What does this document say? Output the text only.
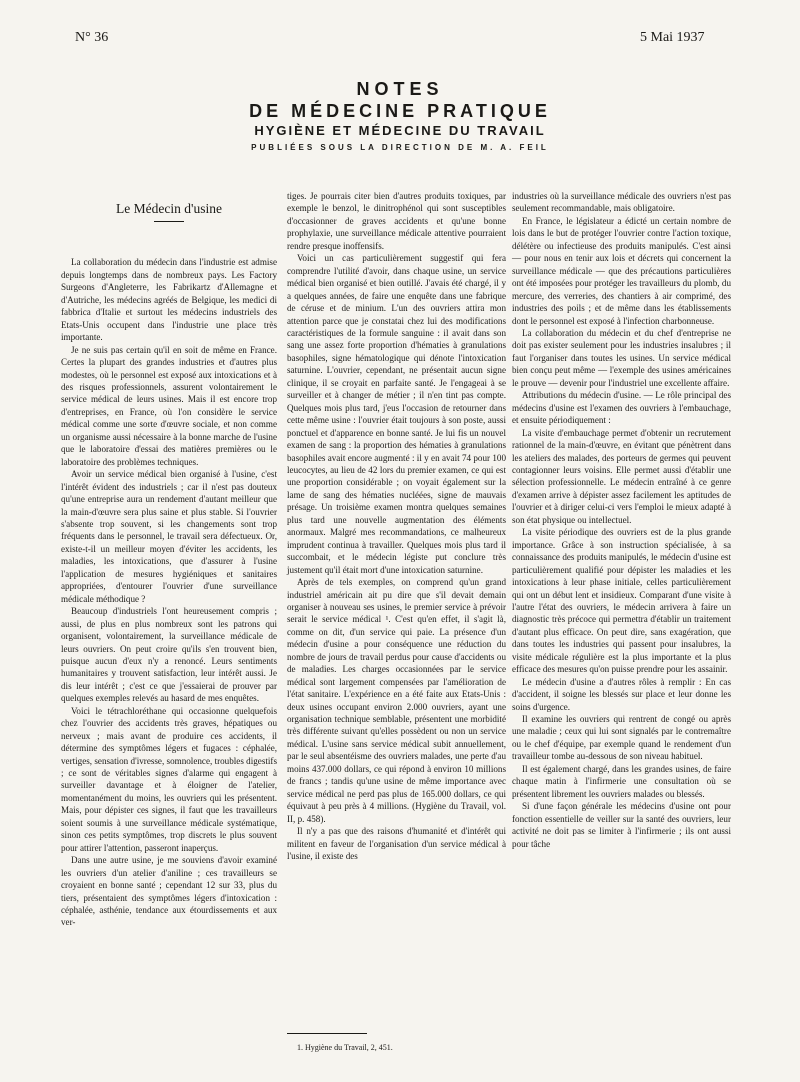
N° 36	5 Mai 1937
NOTES
DE MÉDECINE PRATIQUE
HYGIÈNE ET MÉDECINE DU TRAVAIL
PUBLIÉES SOUS LA DIRECTION DE M. A. FEIL

Le Médecin d'usine

La collaboration du médecin dans l'industrie est admise depuis longtemps dans de nombreux pays. Les Factory Surgeons d'Angleterre, les Fabrikartz d'Allemagne et d'Autriche, les médecins agréés de Belgique, les medici di fabbrica d'Italie et surtout les médecins industriels des Etats-Unis occupent dans l'industrie une place très importante.

Je ne suis pas certain qu'il en soit de même en France. Certes la plupart des grandes industries et d'autres plus modestes, où le personnel est exposé aux intoxications et à des risques professionnels, assurent volontairement le service médical de leurs usines. Mais il est encore trop d'entreprises, en France, où l'on considère le service médical comme une sorte d'œuvre sociale, et non comme un organisme aussi nécessaire à la bonne marche de l'usine que le laboratoire d'essai des matières premières ou le laboratoire des problèmes techniques.

Avoir un service médical bien organisé à l'usine, c'est l'intérêt évident des industriels ; car il n'est pas douteux qu'une entreprise aura un rendement d'autant meilleur que la main-d'œuvre sera plus saine et plus stable. Si l'ouvrier s'absente trop souvent, si les changements sont trop fréquents dans le personnel, le travail sera défectueux. Or, existe-t-il un meilleur moyen d'éviter les accidents, les maladies, les intoxications, que d'assurer à l'usine l'application de mesures hygiéniques et sanitaires appropriées, d'entourer l'ouvrier d'une surveillance médicale méthodique ?

Beaucoup d'industriels l'ont heureusement compris ; aussi, de plus en plus nombreux sont les patrons qui organisent, volontairement, la surveillance médicale de leurs ouvriers. On peut croire qu'ils s'en trouvent bien, puisque aucun d'eux n'y a renoncé. Leurs sentiments humanitaires y trouvent satisfaction, leur intérêt aussi. Je dis leur intérêt ; c'est ce que j'essaierai de prouver par quelques exemples relevés au hasard de mes enquêtes.

Voici le tétrachloréthane qui occasionne quelquefois chez l'ouvrier des accidents très graves, hépatiques ou nerveux ; mais avant de produire ces accidents, il détermine des symptômes légers et fugaces : céphalée, vertiges, sensation d'ivresse, somnolence, troubles digestifs ; ce sont de véritables signes d'alarme qui engagent à surveiller davantage et à éloigner de l'atelier, momentanément du moins, les ouvriers qui les présentent. Mais, pour dépister ces signes, il faut que les travailleurs soient soumis à une surveillance médicale systématique, sinon ces petits symptômes, trop discrets le plus souvent pour attirer l'attention, passeront inaperçus.

Dans une autre usine, je me souviens d'avoir examiné les ouvriers d'un atelier d'aniline ; ces travailleurs se croyaient en bonne santé ; cependant 12 sur 33, plus du tiers, présentaient des symptômes légers d'intoxication : céphalée, asthénie, tendance aux étourdissements et aux ver-

tiges. Je pourrais citer bien d'autres produits toxiques, par exemple le benzol, le dinitrophénol qui sont susceptibles d'occasionner de graves accidents et qu'une bonne prophylaxie, une surveillance médicale attentive pourraient rendre presque inoffensifs.

Voici un cas particulièrement suggestif qui fera comprendre l'utilité d'avoir, dans chaque usine, un service médical bien organisé et bien outillé. J'avais été chargé, il y a quelques années, de faire une enquête dans une fabrique de céruse et de minium. L'un des ouvriers attira mon attention parce que je constatai chez lui des modifications caractéristiques de la formule sanguine : il avait dans son sang une assez forte proportion d'hématies à granulations basophiles, signe hématologique qui dénote l'intoxication saturnine. L'ouvrier, cependant, ne présentait aucun signe clinique, il se croyait en parfaite santé. Je l'engageai à se surveiller et à changer de métier ; il n'en tint pas compte. Quelques mois plus tard, j'eus l'occasion de retourner dans cette même usine : l'ouvrier était toujours à son poste, aussi ponctuel et d'apparence en bonne santé. Je lui fis un nouvel examen de sang : la proportion des hématies à granulations basophiles avait encore augmenté : il y en avait 74 pour 100 leucocytes, au lieu de 42 lors du premier examen, ce qui est une proportion considérable ; on voyait également sur la lame de sang des hématies nucléées, signe de mauvais présage. Un troisième examen montra quelques semaines plus tard une nouvelle augmentation des éléments anormaux. Malgré mes recommandations, ce malheureux imprudent continua à travailler. Quelques mois plus tard il succombait, et le médecin légiste put conclure très justement qu'il était mort d'une intoxication saturnine.

Après de tels exemples, on comprend qu'un grand industriel américain ait pu dire que s'il devait demain organiser à nouveau ses usines, le premier service à prévoir serait le service médical ¹. C'est qu'en effet, il s'agit là, comme on dit, d'un service qui paie. La présence d'un médecin d'usine a pour conséquence une réduction du nombre de jours de travail perdus pour cause d'accidents ou de maladies. Les charges occasionnées par le service médical sont largement compensées par l'amélioration de l'état sanitaire. L'expérience en a été faite aux Etats-Unis : deux usines occupant environ 2.000 ouvriers, ayant une organisation technique semblable, présentent une morbidité très différente suivant qu'elles possèdent ou non un service médical. L'usine sans service médical subit annuellement, par le seul absentéisme des ouvriers malades, une perte d'au moins 437.000 dollars, ce qui répond à environ 10 millions de francs ; tandis qu'une usine de même importance avec service médical ne perd pas plus de 165.000 dollars, ce qui équivaut à peu près à 4 millions. (Hygiène du Travail, vol. II, p. 458).

Il n'y a pas que des raisons d'humanité et d'intérêt qui militent en faveur de l'organisation d'un service médical à l'usine, il existe des

industries où la surveillance médicale des ouvriers n'est pas seulement recommandable, mais obligatoire.

En France, le législateur a édicté un certain nombre de lois dans le but de protéger l'ouvrier contre l'action toxique, délétère ou infectieuse des produits manipulés. C'est ainsi — pour nous en tenir aux lois et décrets qui concernent la surveillance médicale — que des précautions particulières ont été imposées pour protéger les travailleurs du plomb, du mercure, des verreries, des chantiers à air comprimé, des industries des poils ; et de même dans les établissements dont le personnel est exposé à l'infection charbonneuse.

La collaboration du médecin et du chef d'entreprise ne doit pas exister seulement pour les industries insalubres ; il faut l'organiser dans toutes les usines. Un service médical bien conçu peut même — l'exemple des usines américaines le prouve — devenir pour l'industriel une excellente affaire.

Attributions du médecin d'usine. — Le rôle principal des médecins d'usine est l'examen des ouvriers à l'embauchage, et ensuite périodiquement :

La visite d'embauchage permet d'obtenir un recrutement rationnel de la main-d'œuvre, en évitant que pénètrent dans les ateliers des malades, des porteurs de germes qui peuvent contagionner leurs voisins. Elle permet aussi d'établir une sélection professionnelle. Le médecin entraîné à ce genre d'examen arrive à dépister assez facilement les aptitudes de l'ouvrier et à diriger celui-ci vers l'emploi le mieux adapté à son état physique ou intellectuel.

La visite périodique des ouvriers est de la plus grande importance. Grâce à son instruction spécialisée, à sa connaissance des produits manipulés, le médecin d'usine est particulièrement qualifié pour dépister les maladies et les intoxications à leur phase initiale, celles particulièrement qui ont un début lent et insidieux. Comparant d'une visite à l'autre l'état des ouvriers, le médecin arrivera à faire un diagnostic très précoce qui permettra d'établir un traitement d'autant plus efficace. On peut dire, sans exagération, que dans toutes les industries qui passent pour insalubres, la visite médicale régulière est la plus importante et la plus efficace des mesures qu'on puisse prendre pour les assainir.

Le médecin d'usine a d'autres rôles à remplir : En cas d'accident, il soigne les blessés sur place et leur donne les soins d'urgence.

Il examine les ouvriers qui rentrent de congé ou après une maladie ; ceux qui lui sont signalés par le contremaître ou le chef d'équipe, par exemple quand le rendement d'un travailleur tombe au-dessous de son niveau habituel.

Il est également chargé, dans les grandes usines, de faire chaque matin à l'infirmerie une consultation où se présentent librement les ouvriers malades ou blessés.

Si d'une façon générale les médecins d'usine ont pour fonction essentielle de veiller sur la santé des ouvriers, leur activité ne doit pas se limiter à l'infirmerie ; ils ont aussi pour tâche

1. Hygiène du Travail, 2, 451.
